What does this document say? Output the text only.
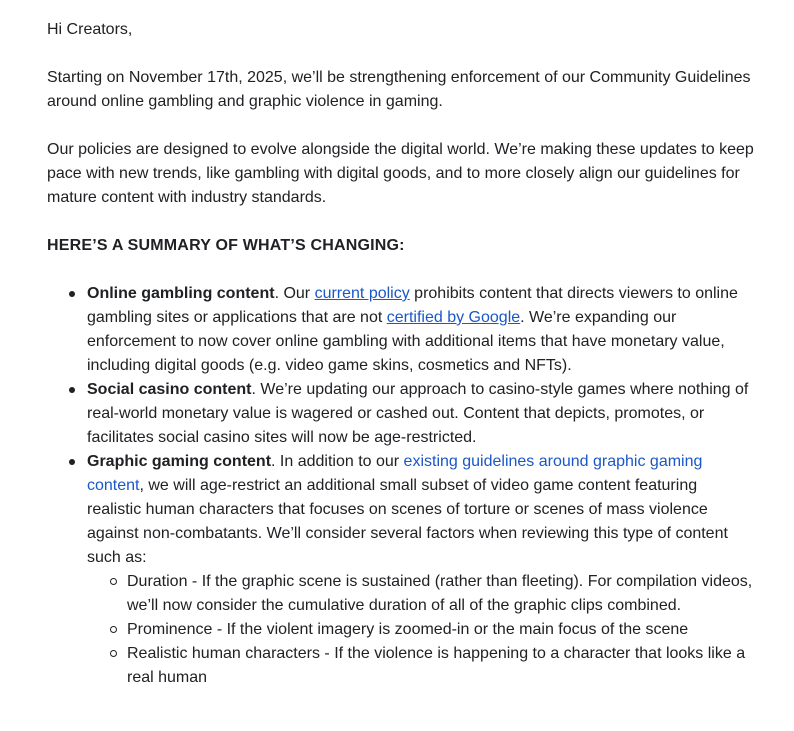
Hi Creators,

Starting on November 17th, 2025, we’ll be strengthening enforcement of our Community Guidelines around online gambling and graphic violence in gaming.

Our policies are designed to evolve alongside the digital world. We’re making these updates to keep pace with new trends, like gambling with digital goods, and to more closely align our guidelines for mature content with industry standards.

HERE’S A SUMMARY OF WHAT’S CHANGING:

Online gambling content. Our current policy prohibits content that directs viewers to online gambling sites or applications that are not certified by Google. We’re expanding our enforcement to now cover online gambling with additional items that have monetary value, including digital goods (e.g. video game skins, cosmetics and NFTs).
Social casino content. We’re updating our approach to casino-style games where nothing of real-world monetary value is wagered or cashed out. Content that depicts, promotes, or facilitates social casino sites will now be age-restricted.
Graphic gaming content. In addition to our existing guidelines around graphic gaming content, we will age-restrict an additional small subset of video game content featuring realistic human characters that focuses on scenes of torture or scenes of mass violence against non-combatants. We’ll consider several factors when reviewing this type of content such as:
Duration - If the graphic scene is sustained (rather than fleeting). For compilation videos, we’ll now consider the cumulative duration of all of the graphic clips combined.
Prominence - If the violent imagery is zoomed-in or the main focus of the scene
Realistic human characters - If the violence is happening to a character that looks like a real human
